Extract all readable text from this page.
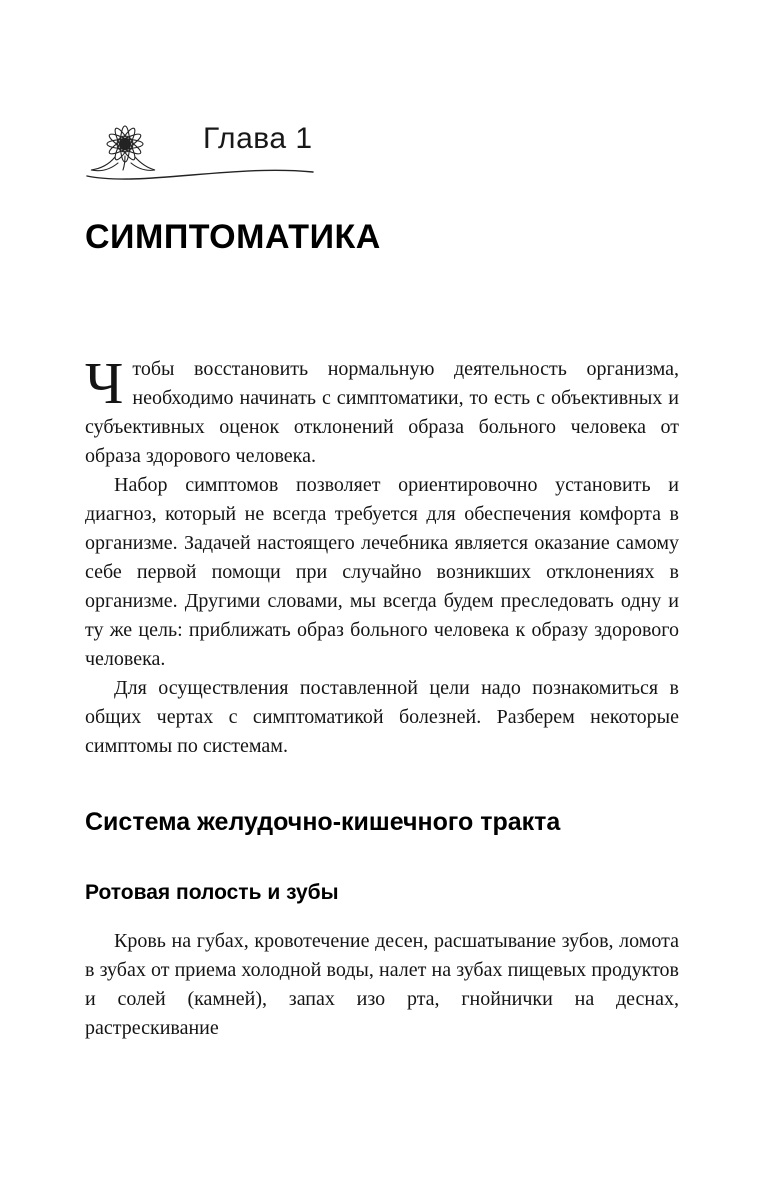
Глава 1
СИМПТОМАТИКА

Чтобы восстановить нормальную деятельность организма, необходимо начинать с симптоматики, то есть с объективных и субъективных оценок отклонений образа больного человека от образа здорового человека.

Набор симптомов позволяет ориентировочно установить и диагноз, который не всегда требуется для обеспечения комфорта в организме. Задачей настоящего лечебника является оказание самому себе первой помощи при случайно возникших отклонениях в организме. Другими словами, мы всегда будем преследовать одну и ту же цель: приближать образ больного человека к образу здорового человека.

Для осуществления поставленной цели надо познакомиться в общих чертах с симптоматикой болезней. Разберем некоторые симптомы по системам.

Система желудочно-кишечного тракта
Ротовая полость и зубы

Кровь на губах, кровотечение десен, расшатывание зубов, ломота в зубах от приема холодной воды, налет на зубах пищевых продуктов и солей (камней), запах изо рта, гнойнички на деснах, растрескивание
